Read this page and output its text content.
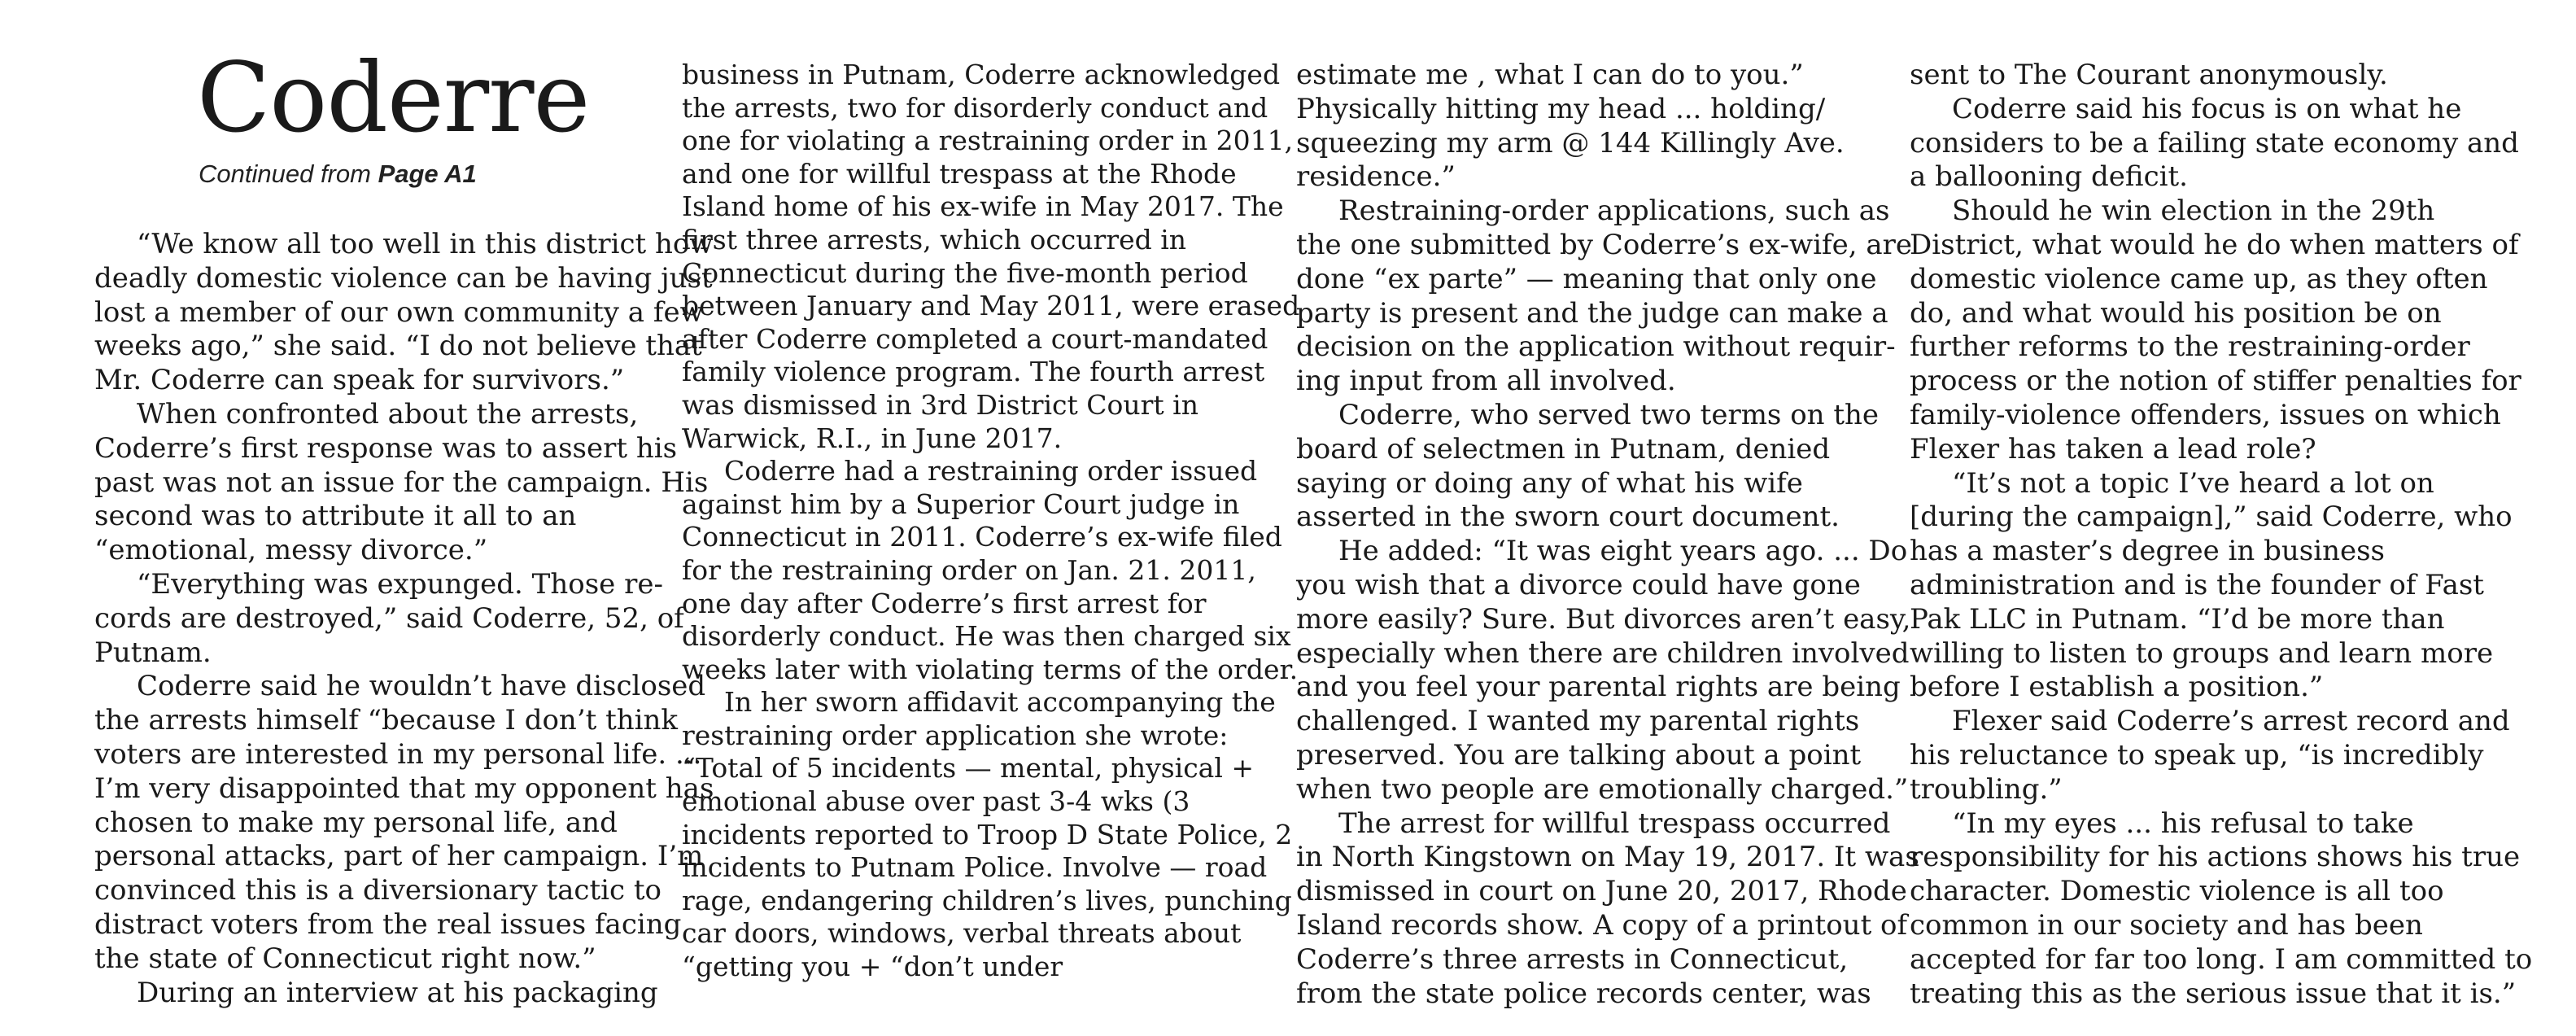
Coderre
Continued from Page A1

“We know all too well in this district how deadly domestic violence can be having just lost a member of our own community a few weeks ago,” she said. “I do not believe that Mr. Coderre can speak for survivors.”

When confronted about the arrests, Coderre’s first response was to assert his past was not an issue for the campaign. His second was to attribute it all to an “emotional, messy divorce.”

“Everything was expunged. Those re-cords are destroyed,” said Coderre, 52, of Putnam.

Coderre said he wouldn’t have disclosed the arrests himself “because I don’t think voters are interested in my personal life. ... I’m very disappointed that my opponent has chosen to make my personal life, and personal attacks, part of her campaign. I’m convinced this is a diversionary tactic to distract voters from the real issues facing the state of Connecticut right now.”

During an interview at his packaging

business in Putnam, Coderre acknowledged the arrests, two for disorderly conduct and one for violating a restraining order in 2011, and one for willful trespass at the Rhode Island home of his ex-wife in May 2017. The first three arrests, which occurred in Connecticut during the five-month period between January and May 2011, were erased after Coderre completed a court-mandated family violence program. The fourth arrest was dismissed in 3rd District Court in Warwick, R.I., in June 2017.

Coderre had a restraining order issued against him by a Superior Court judge in Connecticut in 2011. Coderre’s ex-wife filed for the restraining order on Jan. 21. 2011, one day after Coderre’s first arrest for disorderly conduct. He was then charged six weeks later with violating terms of the order.

In her sworn affidavit accompanying the restraining order application she wrote: “Total of 5 incidents — mental, physical + emotional abuse over past 3-4 wks (3 incidents reported to Troop D State Police, 2 incidents to Putnam Police. Involve — road rage, endangering children’s lives, punching car doors, windows, verbal threats about “getting you + “don’t under

estimate me , what I can do to you.” Physically hitting my head ... holding/ squeezing my arm @ 144 Killingly Ave. residence.”

Restraining-order applications, such as the one submitted by Coderre’s ex-wife, are done “ex parte” — meaning that only one party is present and the judge can make a decision on the application without requir-ing input from all involved.

Coderre, who served two terms on the board of selectmen in Putnam, denied saying or doing any of what his wife asserted in the sworn court document.

He added: “It was eight years ago. ... Do you wish that a divorce could have gone more easily? Sure. But divorces aren’t easy, especially when there are children involved and you feel your parental rights are being challenged. I wanted my parental rights preserved. You are talking about a point when two people are emotionally charged.”

The arrest for willful trespass occurred in North Kingstown on May 19, 2017. It was dismissed in court on June 20, 2017, Rhode Island records show. A copy of a printout of Coderre’s three arrests in Connecticut, from the state police records center, was

sent to The Courant anonymously.

Coderre said his focus is on what he considers to be a failing state economy and a ballooning deficit.

Should he win election in the 29th District, what would he do when matters of domestic violence came up, as they often do, and what would his position be on further reforms to the restraining-order process or the notion of stiffer penalties for family-violence offenders, issues on which Flexer has taken a lead role?

“It’s not a topic I’ve heard a lot on [during the campaign],” said Coderre, who has a master’s degree in business administration and is the founder of Fast Pak LLC in Putnam. “I’d be more than willing to listen to groups and learn more before I establish a position.”

Flexer said Coderre’s arrest record and his reluctance to speak up, “is incredibly troubling.”

“In my eyes ... his refusal to take responsibility for his actions shows his true character. Domestic violence is all too common in our society and has been accepted for far too long. I am committed to treating this as the serious issue that it is.”
